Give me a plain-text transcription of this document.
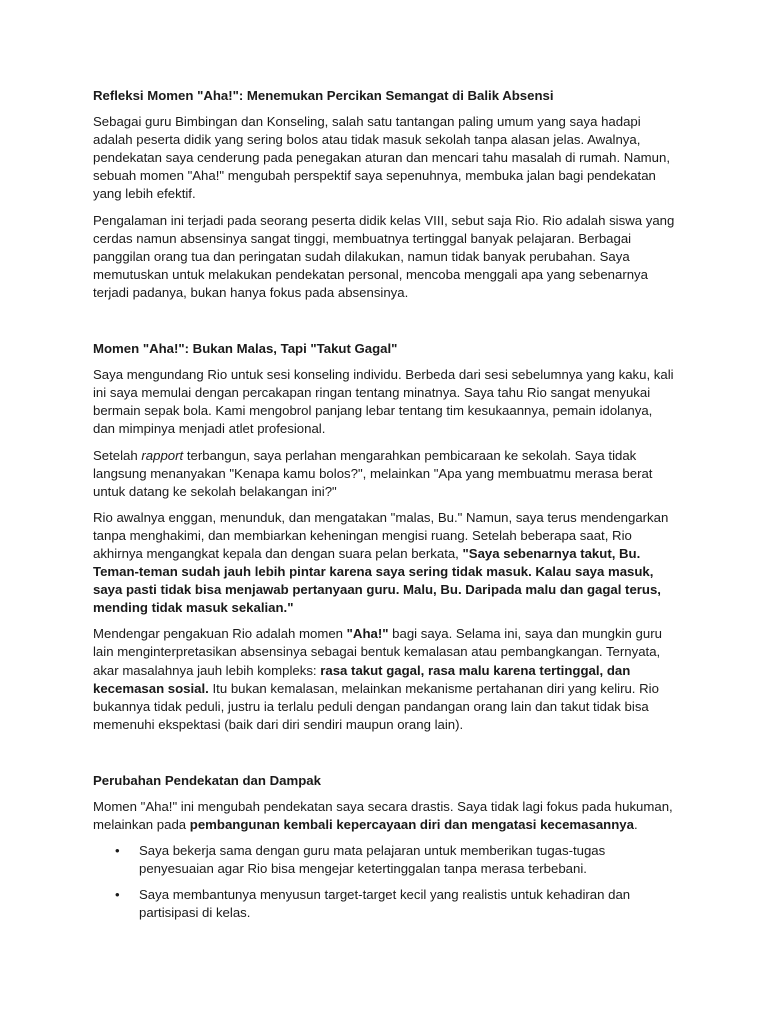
Refleksi Momen "Aha!": Menemukan Percikan Semangat di Balik Absensi

Sebagai guru Bimbingan dan Konseling, salah satu tantangan paling umum yang saya hadapi adalah peserta didik yang sering bolos atau tidak masuk sekolah tanpa alasan jelas. Awalnya, pendekatan saya cenderung pada penegakan aturan dan mencari tahu masalah di rumah. Namun, sebuah momen "Aha!" mengubah perspektif saya sepenuhnya, membuka jalan bagi pendekatan yang lebih efektif.

Pengalaman ini terjadi pada seorang peserta didik kelas VIII, sebut saja Rio. Rio adalah siswa yang cerdas namun absensinya sangat tinggi, membuatnya tertinggal banyak pelajaran. Berbagai panggilan orang tua dan peringatan sudah dilakukan, namun tidak banyak perubahan. Saya memutuskan untuk melakukan pendekatan personal, mencoba menggali apa yang sebenarnya terjadi padanya, bukan hanya fokus pada absensinya.

Momen "Aha!": Bukan Malas, Tapi "Takut Gagal"

Saya mengundang Rio untuk sesi konseling individu. Berbeda dari sesi sebelumnya yang kaku, kali ini saya memulai dengan percakapan ringan tentang minatnya. Saya tahu Rio sangat menyukai bermain sepak bola. Kami mengobrol panjang lebar tentang tim kesukaannya, pemain idolanya, dan mimpinya menjadi atlet profesional.

Setelah rapport terbangun, saya perlahan mengarahkan pembicaraan ke sekolah. Saya tidak langsung menanyakan "Kenapa kamu bolos?", melainkan "Apa yang membuatmu merasa berat untuk datang ke sekolah belakangan ini?"

Rio awalnya enggan, menunduk, dan mengatakan "malas, Bu." Namun, saya terus mendengarkan tanpa menghakimi, dan membiarkan keheningan mengisi ruang. Setelah beberapa saat, Rio akhirnya mengangkat kepala dan dengan suara pelan berkata, "Saya sebenarnya takut, Bu. Teman-teman sudah jauh lebih pintar karena saya sering tidak masuk. Kalau saya masuk, saya pasti tidak bisa menjawab pertanyaan guru. Malu, Bu. Daripada malu dan gagal terus, mending tidak masuk sekalian."

Mendengar pengakuan Rio adalah momen "Aha!" bagi saya. Selama ini, saya dan mungkin guru lain menginterpretasikan absensinya sebagai bentuk kemalasan atau pembangkangan. Ternyata, akar masalahnya jauh lebih kompleks: rasa takut gagal, rasa malu karena tertinggal, dan kecemasan sosial. Itu bukan kemalasan, melainkan mekanisme pertahanan diri yang keliru. Rio bukannya tidak peduli, justru ia terlalu peduli dengan pandangan orang lain dan takut tidak bisa memenuhi ekspektasi (baik dari diri sendiri maupun orang lain).

Perubahan Pendekatan dan Dampak

Momen "Aha!" ini mengubah pendekatan saya secara drastis. Saya tidak lagi fokus pada hukuman, melainkan pada pembangunan kembali kepercayaan diri dan mengatasi kecemasannya.

• Saya bekerja sama dengan guru mata pelajaran untuk memberikan tugas-tugas penyesuaian agar Rio bisa mengejar ketertinggalan tanpa merasa terbebani.
• Saya membantunya menyusun target-target kecil yang realistis untuk kehadiran dan partisipasi di kelas.
